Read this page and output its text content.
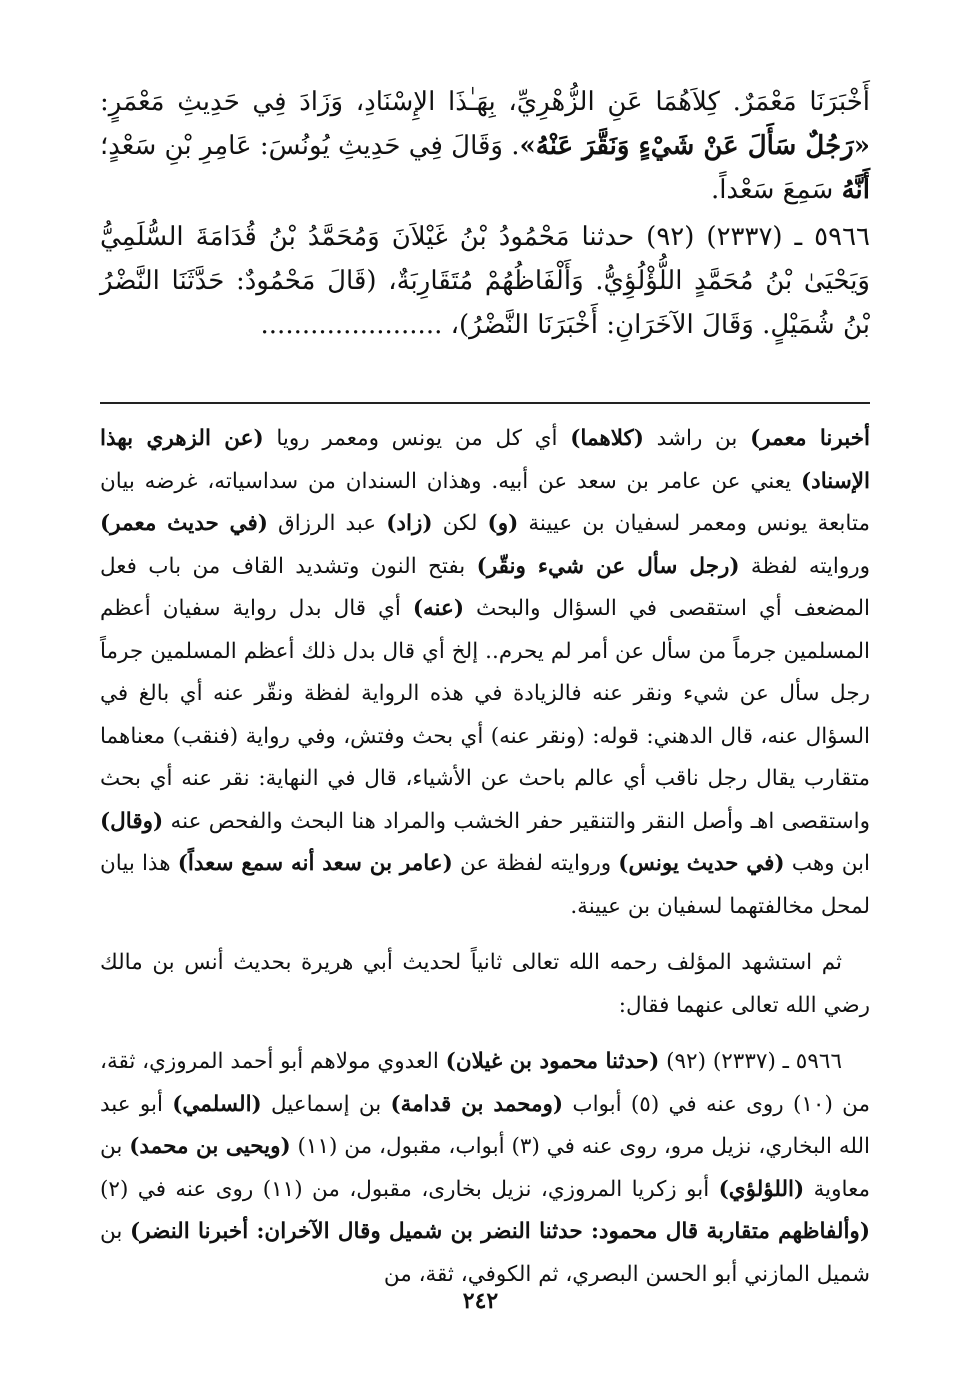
أَخْبَرَنَا مَعْمَرٌ. كِلاَهُمَا عَنِ الزُّهْرِيِّ، بِهَـٰذَا الإِسْنَادِ، وَزَادَ فِي حَدِيثِ مَعْمَرٍ: «رَجُلٌ سَأَلَ عَنْ شَيْءٍ وَنَقَّرَ عَنْهُ». وَقَالَ فِي حَدِيثِ يُونُسَ: عَامِرِ بْنِ سَعْدٍ؛ أَنَّهُ سَمِعَ سَعْداً.

٥٩٦٦ ـ (٢٣٣٧) (٩٢) حدثنا مَحْمُودُ بْنُ غَيْلاَنَ وَمُحَمَّدُ بْنُ قُدَامَةَ السُّلَمِيُّ وَيَحْيَىٰ بْنُ مُحَمَّدٍ اللُّؤْلُؤِيُّ. وَأَلْفَاظُهُمْ مُتَقَارِبَةٌ، (قَالَ مَحْمُودٌ: حَدَّثَنَا النَّضْرُ بْنُ شُمَيْلٍ. وَقَالَ الآخَرَانِ: أَخْبَرَنَا النَّضْرُ)، ......................

أخبرنا معمر) بن راشد (كلاهما) أي كل من يونس ومعمر رويا (عن الزهري بهذا الإسناد) يعني عن عامر بن سعد عن أبيه. وهذان السندان من سداسياته، غرضه بيان متابعة يونس ومعمر لسفيان بن عيينة (و) لكن (زاد) عبد الرزاق (في حديث معمر) وروايته لفظة (رجل سأل عن شيء ونقّر) بفتح النون وتشديد القاف من باب فعل المضعف أي استقصى في السؤال والبحث (عنه) أي قال بدل رواية سفيان أعظم المسلمين جرماً من سأل عن أمر لم يحرم.. إلخ أي قال بدل ذلك أعظم المسلمين جرماً رجل سأل عن شيء ونقر عنه فالزيادة في هذه الرواية لفظة ونقّر عنه أي بالغ في السؤال عنه، قال الدهني: قوله: (ونقر عنه) أي بحث وفتش، وفي رواية (فنقب) معناهما متقارب يقال رجل ناقب أي عالم باحث عن الأشياء، قال في النهاية: نقر عنه أي بحث واستقصى اهـ وأصل النقر والتنقير حفر الخشب والمراد هنا البحث والفحص عنه (وقال) ابن وهب (في حديث يونس) وروايته لفظة عن (عامر بن سعد أنه سمع سعداً) هذا بيان لمحل مخالفتهما لسفيان بن عيينة.

ثم استشهد المؤلف رحمه الله تعالى ثانياً لحديث أبي هريرة بحديث أنس بن مالك رضي الله تعالى عنهما فقال:

٥٩٦٦ ـ (٢٣٣٧) (٩٢) (حدثنا محمود بن غيلان) العدوي مولاهم أبو أحمد المروزي، ثقة، من (١٠) روى عنه في (٥) أبواب (ومحمد بن قدامة) بن إسماعيل (السلمي) أبو عبد الله البخاري، نزيل مرو، روى عنه في (٣) أبواب، مقبول، من (١١) (ويحيى بن محمد) بن معاوية (اللؤلؤي) أبو زكريا المروزي، نزيل بخارى، مقبول، من (١١) روى عنه في (٢) (وألفاظهم متقاربة قال محمود: حدثنا النضر بن شميل وقال الآخران: أخبرنا النضر) بن شميل المازني أبو الحسن البصري، ثم الكوفي، ثقة، من

٢٤٢
